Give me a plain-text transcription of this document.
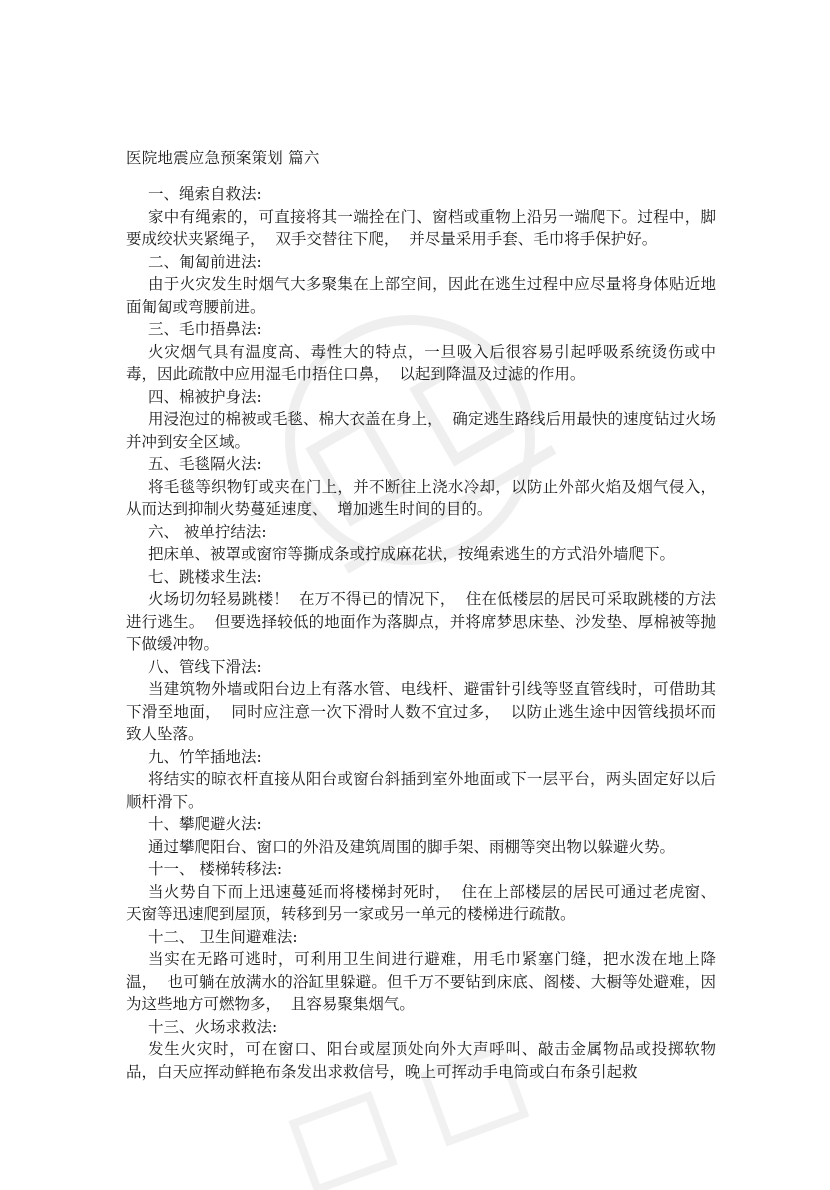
医院地震应急预案策划 篇六

一、绳索自救法:

家中有绳索的，可直接将其一端拴在门、窗档或重物上沿另一端爬下。过程中，脚要成绞状夹紧绳子，  双手交替往下爬，  并尽量采用手套、毛巾将手保护好。

二、匍匐前进法:

由于火灾发生时烟气大多聚集在上部空间，因此在逃生过程中应尽量将身体贴近地面匍匐或弯腰前进。

三、毛巾捂鼻法:

火灾烟气具有温度高、毒性大的特点，一旦吸入后很容易引起呼吸系统烫伤或中毒，因此疏散中应用湿毛巾捂住口鼻，  以起到降温及过滤的作用。

四、棉被护身法:

用浸泡过的棉被或毛毯、棉大衣盖在身上，  确定逃生路线后用最快的速度钻过火场并冲到安全区域。

五、毛毯隔火法:

将毛毯等织物钉或夹在门上，并不断往上浇水冷却，以防止外部火焰及烟气侵入，  从而达到抑制火势蔓延速度、  增加逃生时间的目的。

六、 被单拧结法:

把床单、被罩或窗帘等撕成条或拧成麻花状，按绳索逃生的方式沿外墙爬下。

七、跳楼求生法:

火场切勿轻易跳楼！  在万不得已的情况下，  住在低楼层的居民可采取跳楼的方法进行逃生。  但要选择较低的地面作为落脚点，并将席梦思床垫、沙发垫、厚棉被等抛下做缓冲物。

八、管线下滑法:

当建筑物外墙或阳台边上有落水管、电线杆、避雷针引线等竖直管线时，可借助其下滑至地面，  同时应注意一次下滑时人数不宜过多，  以防止逃生途中因管线损坏而致人坠落。

九、竹竿插地法:

将结实的晾衣杆直接从阳台或窗台斜插到室外地面或下一层平台，两头固定好以后顺杆滑下。

十、攀爬避火法:

通过攀爬阳台、窗口的外沿及建筑周围的脚手架、雨棚等突出物以躲避火势。

十一、 楼梯转移法:

当火势自下而上迅速蔓延而将楼梯封死时，  住在上部楼层的居民可通过老虎窗、  天窗等迅速爬到屋顶，转移到另一家或另一单元的楼梯进行疏散。

十二、 卫生间避难法:

当实在无路可逃时，可利用卫生间进行避难，用毛巾紧塞门缝，把水泼在地上降温，  也可躺在放满水的浴缸里躲避。但千万不要钻到床底、阁楼、大橱等处避难，因为这些地方可燃物多，  且容易聚集烟气。

十三、火场求救法:

发生火灾时，可在窗口、阳台或屋顶处向外大声呼叫、敲击金属物品或投掷软物品，白天应挥动鲜艳布条发出求救信号，晚上可挥动手电筒或白布条引起救
